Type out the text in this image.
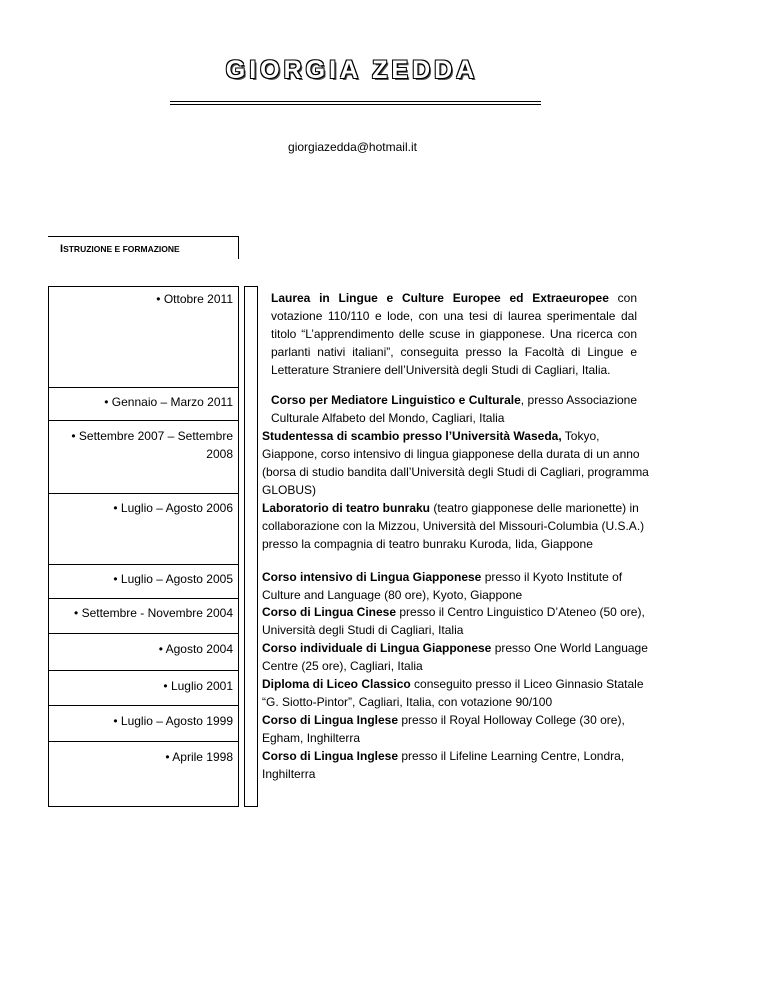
GIORGIA ZEDDA
giorgiazedda@hotmail.it
ISTRUZIONE E FORMAZIONE
• Ottobre 2011
• Gennaio – Marzo 2011
• Settembre 2007 – Settembre
2008
• Luglio – Agosto 2006
• Luglio – Agosto 2005
• Settembre - Novembre 2004
• Agosto 2004
• Luglio 2001
• Luglio – Agosto 1999
• Aprile 1998
Laurea in Lingue e Culture Europee ed Extraeuropee con votazione 110/110 e lode, con una tesi di laurea sperimentale dal titolo “L’apprendimento delle scuse in giapponese. Una ricerca con parlanti nativi italiani”, conseguita presso la Facoltà di Lingue e Letterature Straniere dell’Università degli Studi di Cagliari, Italia.
Corso per Mediatore Linguistico e Culturale, presso Associazione Culturale Alfabeto del Mondo, Cagliari, Italia
Studentessa di scambio presso l’Università Waseda, Tokyo, Giappone, corso intensivo di lingua giapponese della durata di un anno (borsa di studio bandita dall’Università degli Studi di Cagliari, programma GLOBUS)
Laboratorio di teatro bunraku (teatro giapponese delle marionette) in collaborazione con la Mizzou, Università del Missouri-Columbia (U.S.A.) presso la compagnia di teatro bunraku Kuroda, Iida, Giappone
Corso intensivo di Lingua Giapponese presso il Kyoto Institute of Culture and Language (80 ore), Kyoto, Giappone
Corso di Lingua Cinese presso il Centro Linguistico D’Ateneo (50 ore), Università degli Studi di Cagliari, Italia
Corso individuale di Lingua Giapponese presso One World Language Centre (25 ore), Cagliari, Italia
Diploma di Liceo Classico conseguito presso il Liceo Ginnasio Statale “G. Siotto-Pintor”, Cagliari, Italia, con votazione 90/100
Corso di Lingua Inglese presso il Royal Holloway College (30 ore), Egham, Inghilterra
Corso di Lingua Inglese presso il Lifeline Learning Centre, Londra, Inghilterra
